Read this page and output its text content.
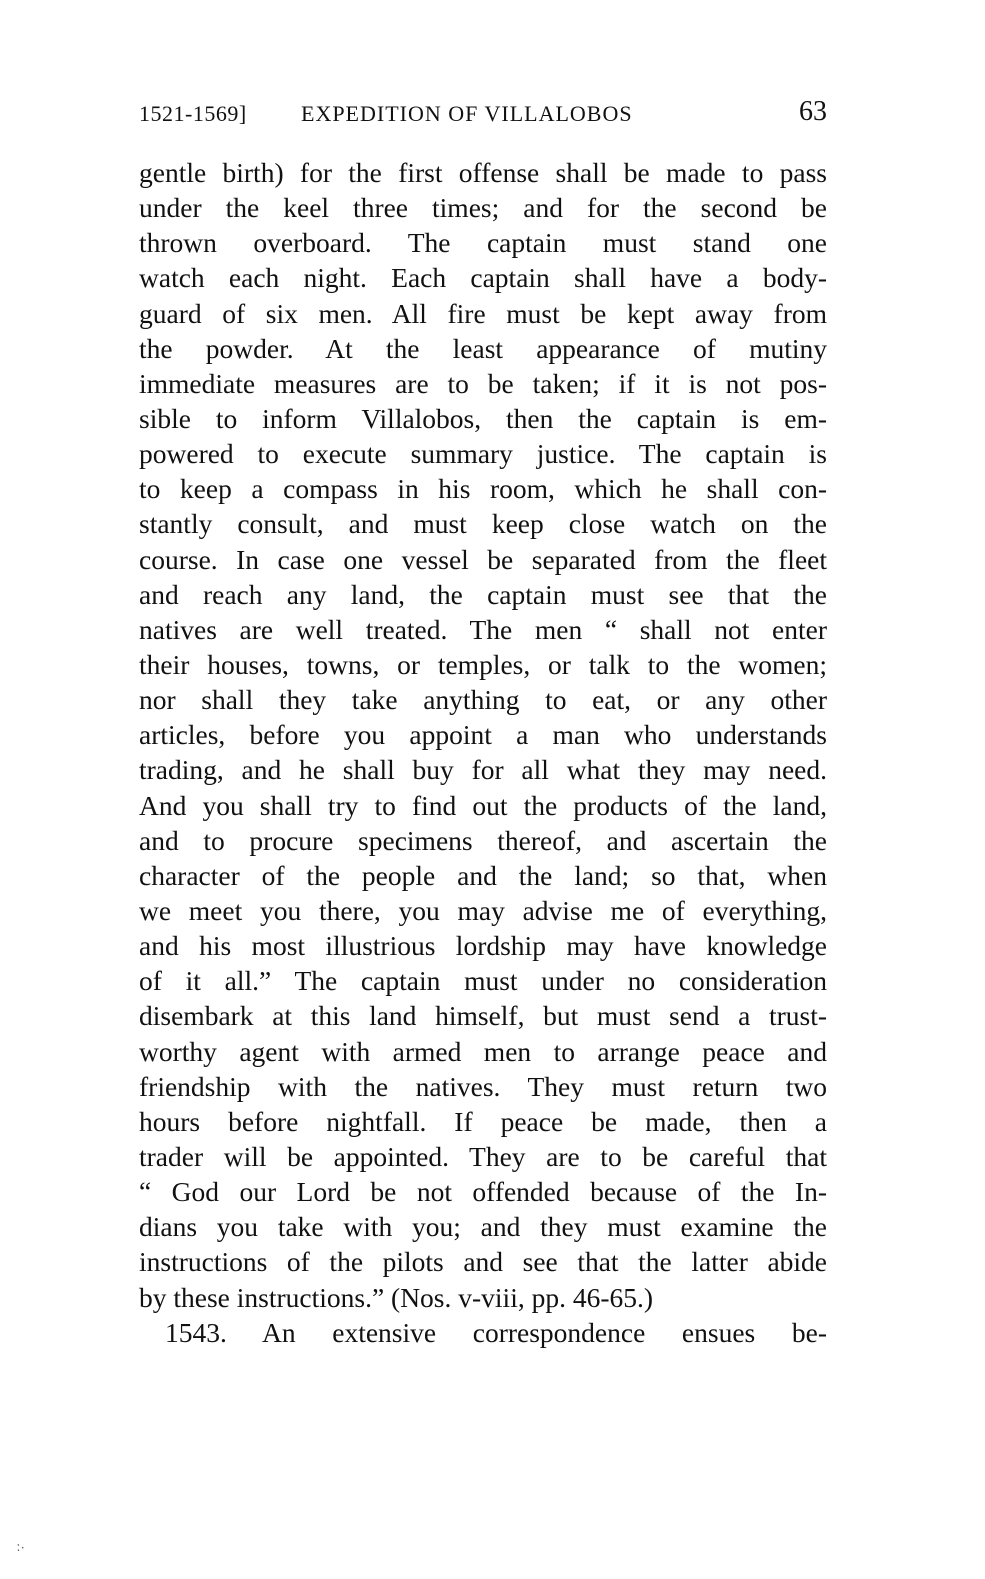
1521-1569] EXPEDITION OF VILLALOBOS	63
gentle birth) for the first offense shall be made to pass
under the keel three times; and for the second be
thrown overboard. The captain must stand one
watch each night. Each captain shall have a body-
guard of six men. All fire must be kept away from
the powder. At the least appearance of mutiny
immediate measures are to be taken; if it is not pos-
sible to inform Villalobos, then the captain is em-
powered to execute summary justice. The captain is
to keep a compass in his room, which he shall con-
stantly consult, and must keep close watch on the
course. In case one vessel be separated from the fleet
and reach any land, the captain must see that the
natives are well treated. The men “ shall not enter
their houses, towns, or temples, or talk to the women;
nor shall they take anything to eat, or any other
articles, before you appoint a man who understands
trading, and he shall buy for all what they may need.
And you shall try to find out the products of the land,
and to procure specimens thereof, and ascertain the
character of the people and the land; so that, when
we meet you there, you may advise me of everything,
and his most illustrious lordship may have knowledge
of it all.” The captain must under no consideration
disembark at this land himself, but must send a trust-
worthy agent with armed men to arrange peace and
friendship with the natives. They must return two
hours before nightfall. If peace be made, then a
trader will be appointed. They are to be careful that
“ God our Lord be not offended because of the In-
dians you take with you; and they must examine the
instructions of the pilots and see that the latter abide
by these instructions.” (Nos. v-viii, pp. 46-65.)
1543. An extensive correspondence ensues be-
∴
